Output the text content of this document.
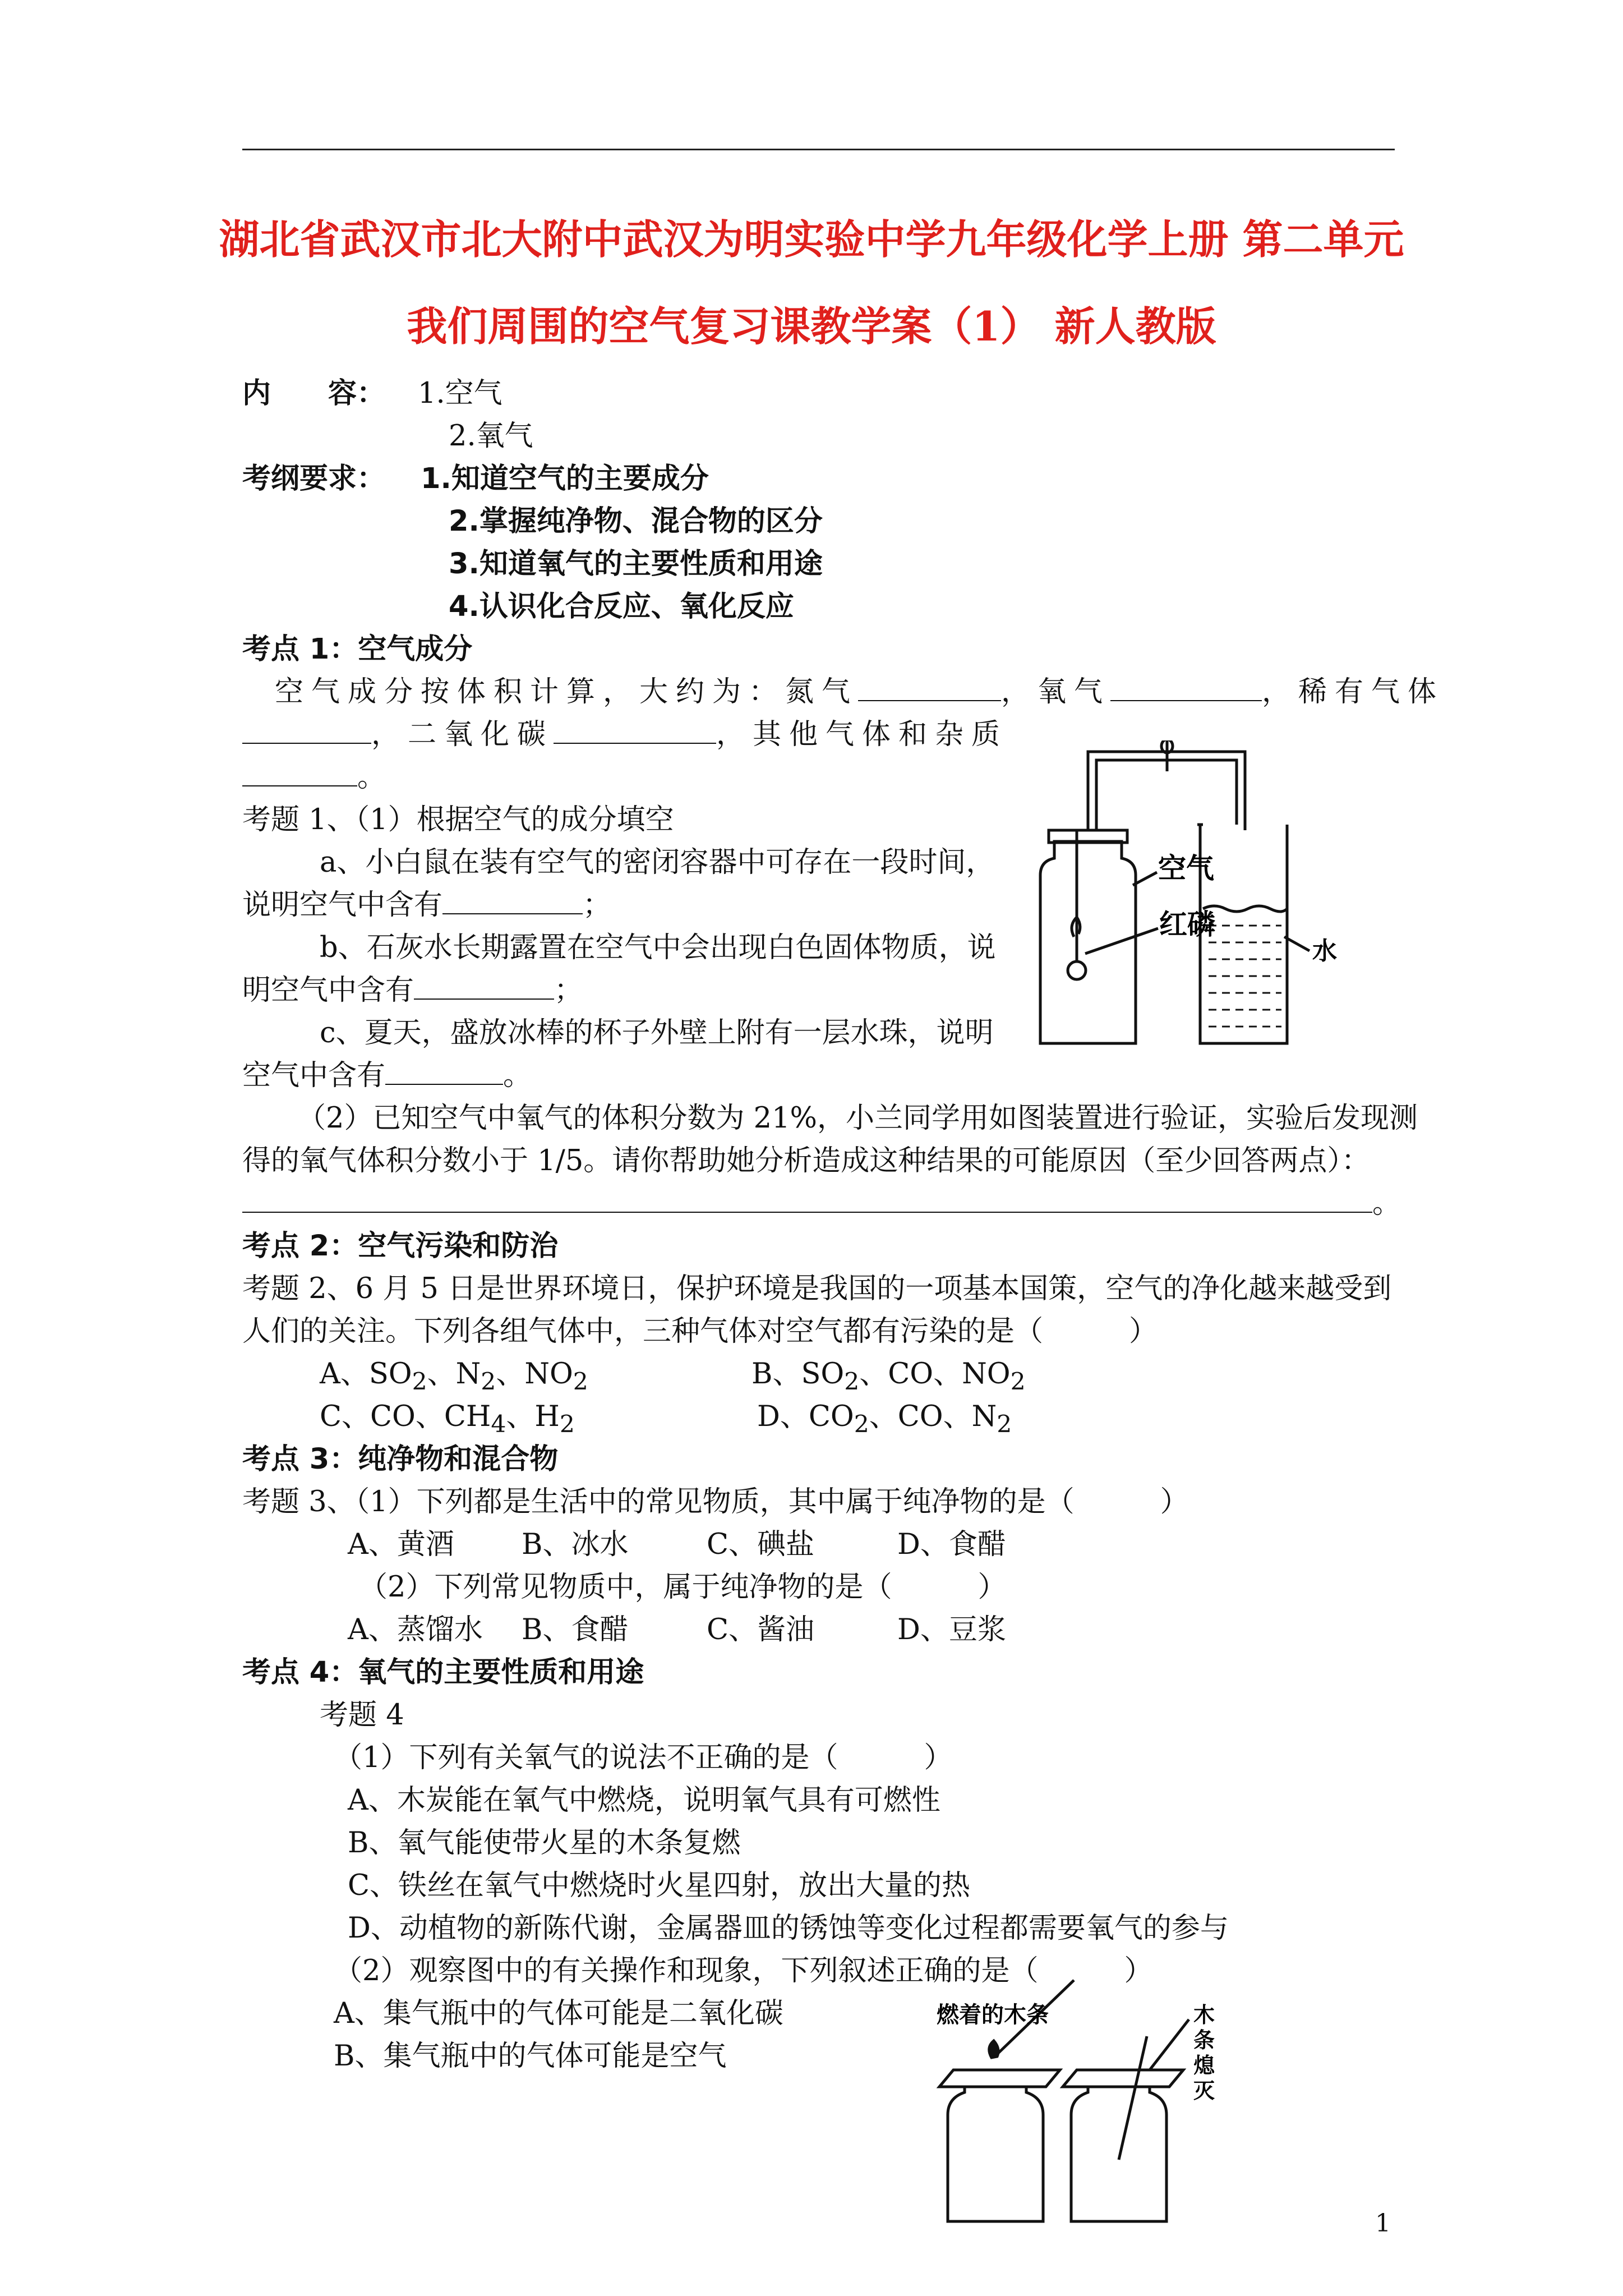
湖北省武汉市北大附中武汉为明实验中学九年级化学上册 第二单元
我们周围的空气复习课教学案（1） 新人教版
内　　容： 1.空气
2.氧气
考纲要求： 1.知道空气的主要成分
2.掌握纯净物、混合物的区分
3.知道氧气的主要性质和用途
4.认识化合反应、氧化反应
考点 1：空气成分
空气成分按体积计算，大约为：氮气	，氧气	，稀有气体
，二氧化碳	，其他气体和杂质
。
考题 1、（1）根据空气的成分填空
a、小白鼠在装有空气的密闭容器中可存在一段时间，
说明空气中含有	；
b、石灰水长期露置在空气中会出现白色固体物质，说
明空气中含有	；
c、夏天，盛放冰棒的杯子外壁上附有一层水珠，说明
空气中含有	。
空气
红磷
水
（2）已知空气中氧气的体积分数为 21%，小兰同学用如图装置进行验证，实验后发现测
得的氧气体积分数小于 1/5。请你帮助她分析造成这种结果的可能原因（至少回答两点）：
。
考点 2：空气污染和防治
考题 2、6 月 5 日是世界环境日，保护环境是我国的一项基本国策，空气的净化越来越受到
人们的关注。下列各组气体中，三种气体对空气都有污染的是（　　　）
A、$SO_2$、$N_2$、$NO_2$	B、$SO_2$、CO、$NO_2$
C、CO、$CH_4$、$H_2$	D、$CO_2$、CO、$N_2$
考点 3：纯净物和混合物
考题 3、（1）下列都是生活中的常见物质，其中属于纯净物的是（　　　）
A、黄酒 B、冰水	C、碘盐	D、食醋
（2）下列常见物质中，属于纯净物的是（　　　）
A、蒸馏水 B、食醋	C、酱油	D、豆浆
考点 4：氧气的主要性质和用途
考题 4
（1）下列有关氧气的说法不正确的是（　　　）
A、木炭能在氧气中燃烧，说明氧气具有可燃性
B、氧气能使带火星的木条复燃
C、铁丝在氧气中燃烧时火星四射，放出大量的热
D、动植物的新陈代谢，金属器皿的锈蚀等变化过程都需要氧气的参与
（2）观察图中的有关操作和现象，下列叙述正确的是（　　　）
A、集气瓶中的气体可能是二氧化碳
B、集气瓶中的气体可能是空气
燃着的木条	木
条
熄
灭
1
